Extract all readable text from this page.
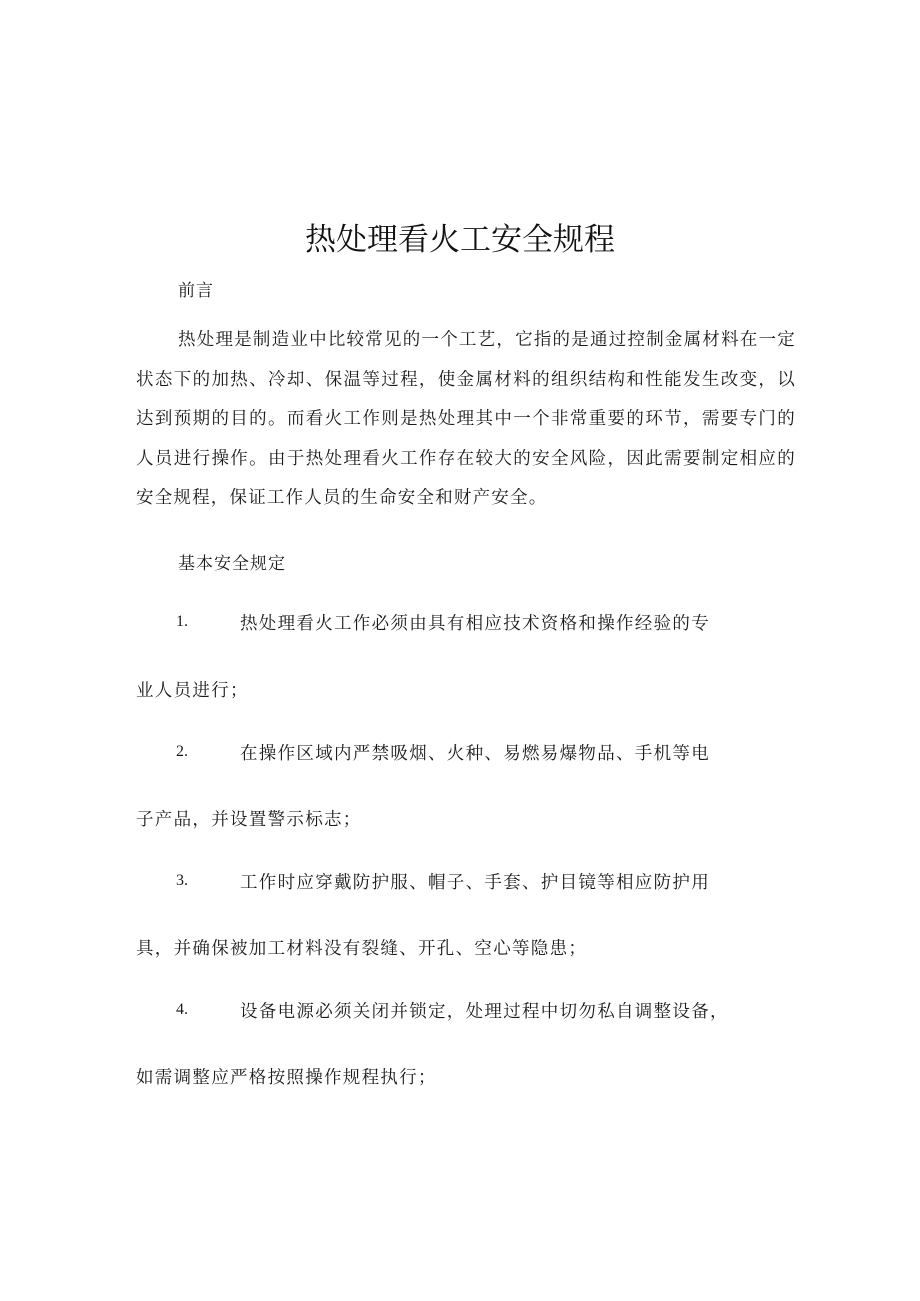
热处理看火工安全规程
前言
热处理是制造业中比较常见的一个工艺，它指的是通过控制金属材料在一定状态下的加热、冷却、保温等过程，使金属材料的组织结构和性能发生改变，以达到预期的目的。而看火工作则是热处理其中一个非常重要的环节，需要专门的人员进行操作。由于热处理看火工作存在较大的安全风险，因此需要制定相应的安全规程，保证工作人员的生命安全和财产安全。
基本安全规定
1.	热处理看火工作必须由具有相应技术资格和操作经验的专
业人员进行；
2.	在操作区域内严禁吸烟、火种、易燃易爆物品、手机等电
子产品，并设置警示标志；
3.	工作时应穿戴防护服、帽子、手套、护目镜等相应防护用
具，并确保被加工材料没有裂缝、开孔、空心等隐患；
4.	设备电源必须关闭并锁定，处理过程中切勿私自调整设备，
如需调整应严格按照操作规程执行；
